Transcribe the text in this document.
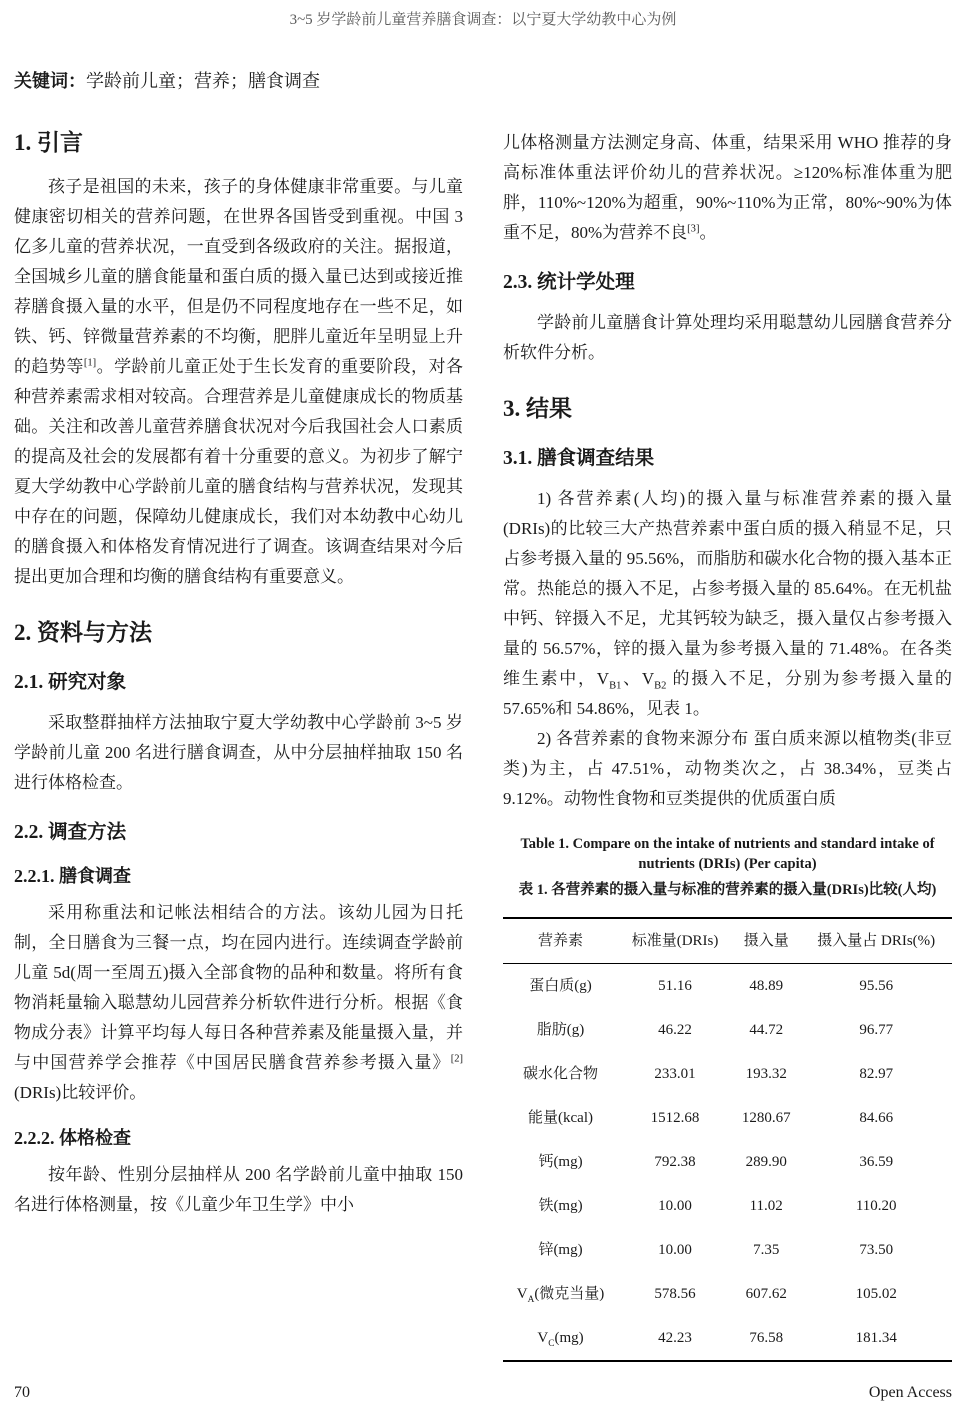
3~5 岁学龄前儿童营养膳食调查：以宁夏大学幼教中心为例

关键词：学龄前儿童；营养；膳食调查

1. 引言

孩子是祖国的未来，孩子的身体健康非常重要。与儿童健康密切相关的营养问题，在世界各国皆受到重视。中国 3 亿多儿童的营养状况，一直受到各级政府的关注。据报道，全国城乡儿童的膳食能量和蛋白质的摄入量已达到或接近推荐膳食摄入量的水平，但是仍不同程度地存在一些不足，如铁、钙、锌微量营养素的不均衡，肥胖儿童近年呈明显上升的趋势等[1]。学龄前儿童正处于生长发育的重要阶段，对各种营养素需求相对较高。合理营养是儿童健康成长的物质基础。关注和改善儿童营养膳食状况对今后我国社会人口素质的提高及社会的发展都有着十分重要的意义。为初步了解宁夏大学幼教中心学龄前儿童的膳食结构与营养状况，发现其中存在的问题，保障幼儿健康成长，我们对本幼教中心幼儿的膳食摄入和体格发育情况进行了调查。该调查结果对今后提出更加合理和均衡的膳食结构有重要意义。

2. 资料与方法
2.1. 研究对象

采取整群抽样方法抽取宁夏大学幼教中心学龄前 3~5 岁学龄前儿童 200 名进行膳食调查，从中分层抽样抽取 150 名进行体格检查。

2.2. 调查方法
2.2.1. 膳食调查

采用称重法和记帐法相结合的方法。该幼儿园为日托制，全日膳食为三餐一点，均在园内进行。连续调查学龄前儿童 5d(周一至周五)摄入全部食物的品种和数量。将所有食物消耗量输入聪慧幼儿园营养分析软件进行分析。根据《食物成分表》计算平均每人每日各种营养素及能量摄入量，并与中国营养学会推荐《中国居民膳食营养参考摄入量》[2](DRIs)比较评价。

2.2.2. 体格检查

按年龄、性别分层抽样从 200 名学龄前儿童中抽取 150 名进行体格测量，按《儿童少年卫生学》中小

儿体格测量方法测定身高、体重，结果采用 WHO 推荐的身高标准体重法评价幼儿的营养状况。≥120%标准体重为肥胖，110%~120%为超重，90%~110%为正常，80%~90%为体重不足，80%为营养不良[3]。

2.3. 统计学处理

学龄前儿童膳食计算处理均采用聪慧幼儿园膳食营养分析软件分析。

3. 结果
3.1. 膳食调查结果

1) 各营养素(人均)的摄入量与标准营养素的摄入量(DRIs)的比较三大产热营养素中蛋白质的摄入稍显不足，只占参考摄入量的 95.56%，而脂肪和碳水化合物的摄入基本正常。热能总的摄入不足，占参考摄入量的 85.64%。在无机盐中钙、锌摄入不足，尤其钙较为缺乏，摄入量仅占参考摄入量的 56.57%，锌的摄入量为参考摄入量的 71.48%。在各类维生素中，$V_{B1}$、$V_{B2}$ 的摄入不足，分别为参考摄入量的 57.65%和 54.86%，见表 1。

2) 各营养素的食物来源分布 蛋白质来源以植物类(非豆类)为主，占 47.51%，动物类次之，占 38.34%，豆类占 9.12%。动物性食物和豆类提供的优质蛋白质

Table 1. Compare on the intake of nutrients and standard intake of nutrients (DRIs) (Per capita)
表 1. 各营养素的摄入量与标准的营养素的摄入量(DRIs)比较(人均)
营养素	标准量(DRIs)	摄入量	摄入量占 DRIs(%)
蛋白质(g)	51.16	48.89	95.56
脂肪(g)	46.22	44.72	96.77
碳水化合物	233.01	193.32	82.97
能量(kcal)	1512.68	1280.67	84.66
钙(mg)	792.38	289.90	36.59
铁(mg)	10.00	11.02	110.20
锌(mg)	10.00	7.35	73.50
$V_A$(微克当量)	578.56	607.62	105.02
$V_C(mg)$	42.23	76.58	181.34
70	Open Access
